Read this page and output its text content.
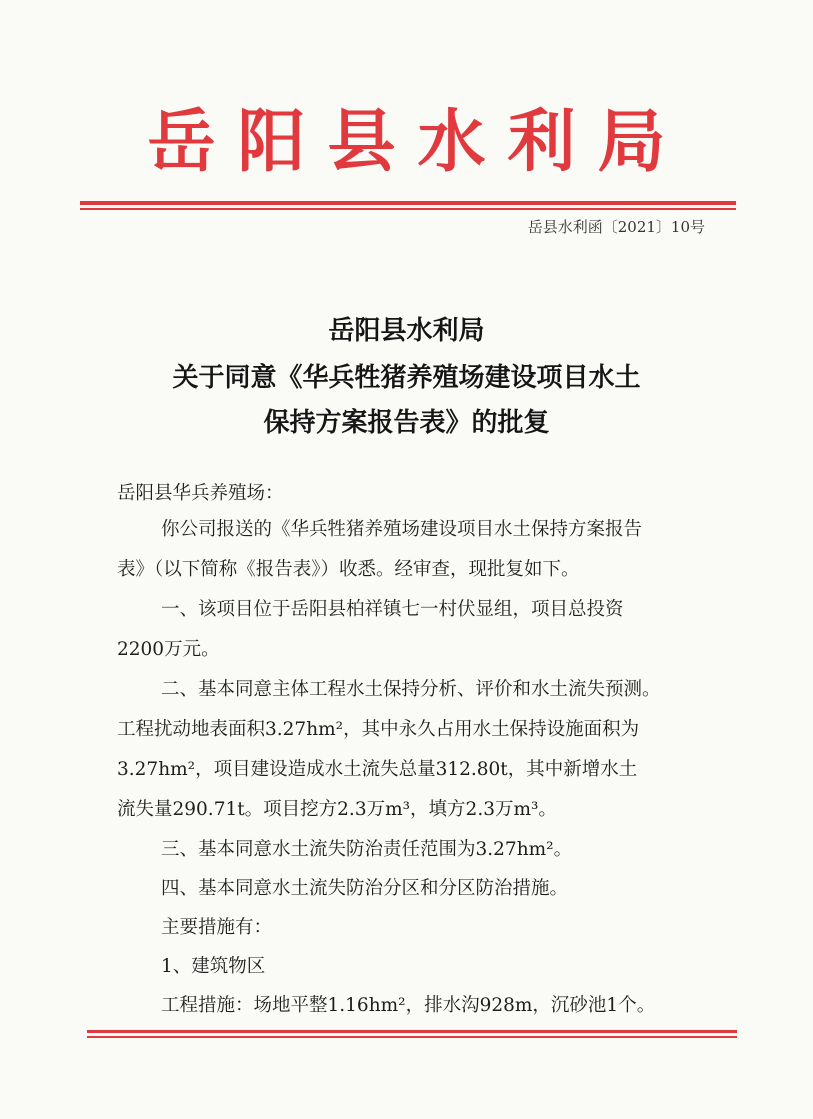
岳阳县水利局
岳县水利函〔2021〕10号
岳阳县水利局
关于同意《华兵牲猪养殖场建设项目水土
保持方案报告表》的批复
岳阳县华兵养殖场：
你公司报送的《华兵牲猪养殖场建设项目水土保持方案报告
表》（以下简称《报告表》）收悉。经审查，现批复如下。
一、该项目位于岳阳县柏祥镇七一村伏显组，项目总投资
2200万元。
二、基本同意主体工程水土保持分析、评价和水土流失预测。
工程扰动地表面积3.27hm²，其中永久占用水土保持设施面积为
3.27hm²，项目建设造成水土流失总量312.80t，其中新增水土
流失量290.71t。项目挖方2.3万m³，填方2.3万m³。
三、基本同意水土流失防治责任范围为3.27hm²。
四、基本同意水土流失防治分区和分区防治措施。
主要措施有：
1、建筑物区
工程措施：场地平整1.16hm²，排水沟928m，沉砂池1个。
